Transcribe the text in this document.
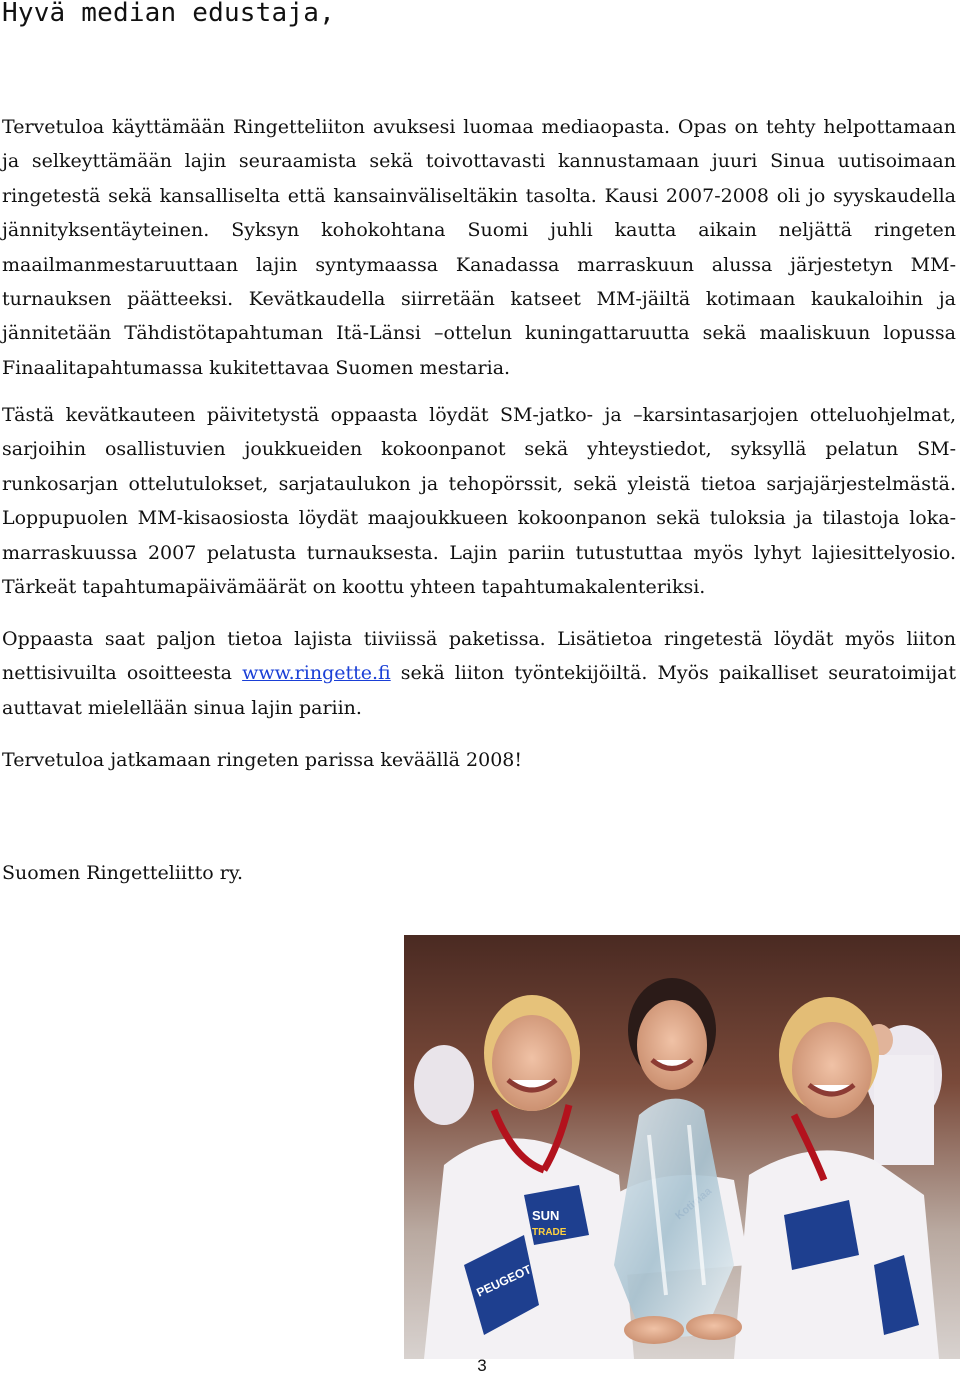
Hyvä median edustaja,

Tervetuloa käyttämään Ringetteliiton avuksesi luomaa mediaopasta. Opas on tehty helpottamaan ja selkeyttämään lajin seuraamista sekä toivottavasti kannustamaan juuri Sinua uutisoimaan ringetestä sekä kansalliselta että kansainväliseltäkin tasolta. Kausi 2007-2008 oli jo syyskaudella jännityksentäyteinen. Syksyn kohokohtana Suomi juhli kautta aikain neljättä ringeten maailmanmestaruuttaan lajin syntymaassa Kanadassa marraskuun alussa järjestetyn MM-turnauksen päätteeksi. Kevätkaudella siirretään katseet MM-jäiltä kotimaan kaukaloihin ja jännitetään Tähdistötapahtuman Itä-Länsi –ottelun kuningattaruutta sekä maaliskuun lopussa Finaalitapahtumassa kukitettavaa Suomen mestaria.

Tästä kevätkauteen päivitetystä oppaasta löydät SM-jatko- ja –karsintasarjojen otteluohjelmat, sarjoihin osallistuvien joukkueiden kokoonpanot sekä yhteystiedot, syksyllä pelatun SM-runkosarjan ottelutulokset, sarjataulukon ja tehopörssit, sekä yleistä tietoa sarjajärjestelmästä. Loppupuolen MM-kisaosiosta löydät maajoukkueen kokoonpanon sekä tuloksia ja tilastoja loka-marraskuussa 2007 pelatusta turnauksesta. Lajin pariin tutustuttaa myös lyhyt lajiesittelyosio. Tärkeät tapahtumapäivämäärät on koottu yhteen tapahtumakalenteriksi.

Oppaasta saat paljon tietoa lajista tiiviissä paketissa. Lisätietoa ringetestä löydät myös liiton nettisivuilta osoitteesta www.ringette.fi sekä liiton työntekijöiltä. Myös paikalliset seuratoimijat auttavat mielellään sinua lajin pariin.

Tervetuloa jatkamaan ringeten parissa keväällä 2008!

Suomen Ringetteliitto ry.

PEUGEOT
SUN
TRADE
3
